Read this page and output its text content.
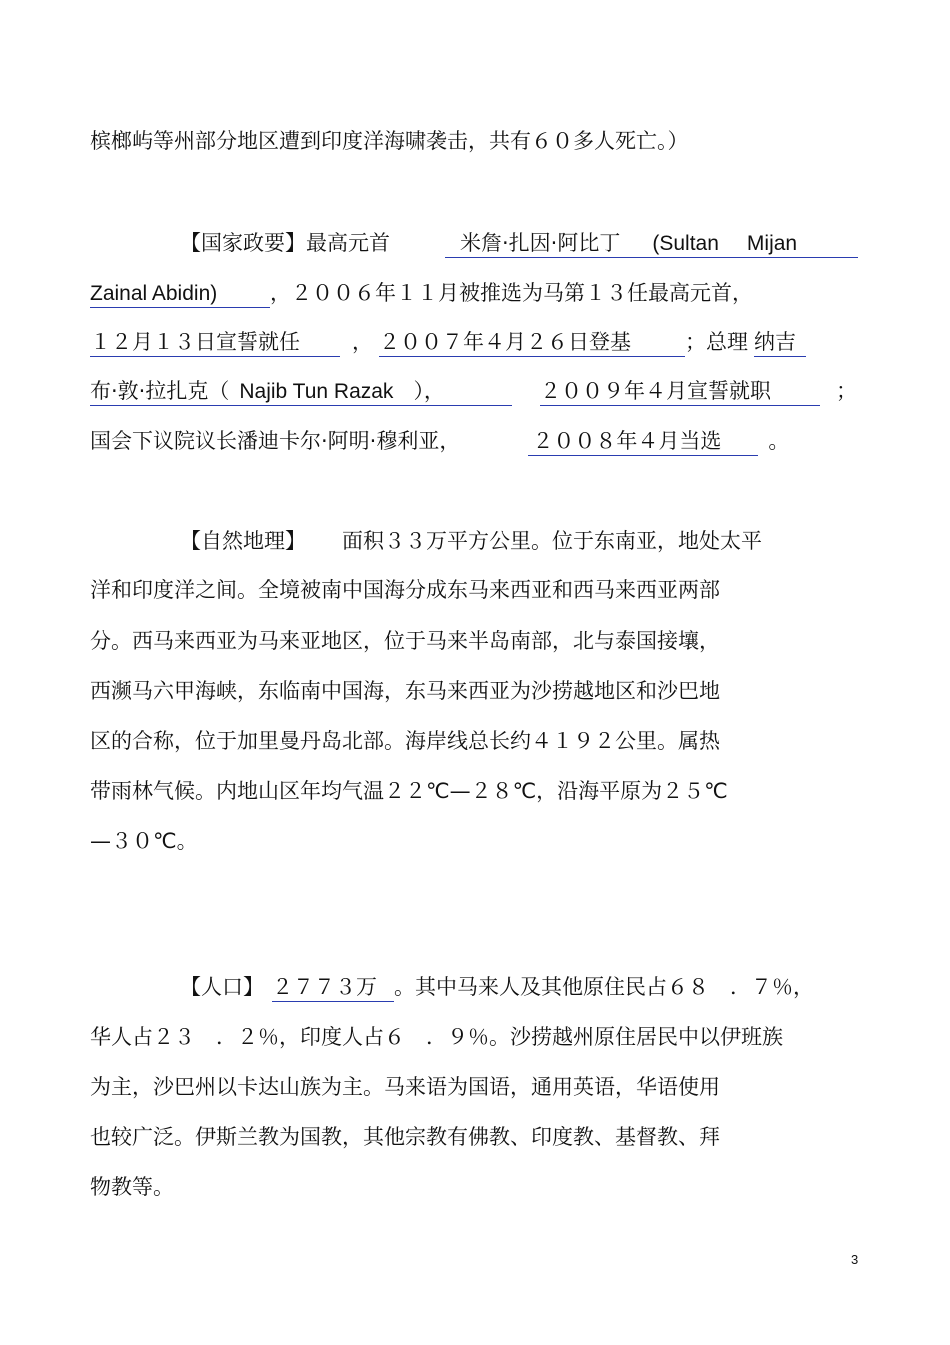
槟榔屿等州部分地区遭到印度洋海啸袭击，共有６０多人死亡。）
【国家政要】最高元首	米詹·扎因·阿比丁 (Sultan Mijan
Zainal Abidin)	，２００６年１１月被推选为马第１３任最高元首，
１２月１３日宣誓就任 ， ２００７年４月２６日登基	；总理 纳吉
布·敦·拉扎克（ Najib Tun Razak ），	２００９年４月宣誓就职	；
国会下议院议长潘迪卡尔·阿明·穆利亚，	２００８年４月当选 。
【自然地理】 面积３３万平方公里。位于东南亚，地处太平
洋和印度洋之间。全境被南中国海分成东马来西亚和西马来西亚两部
分。西马来西亚为马来亚地区，位于马来半岛南部，北与泰国接壤，
西濒马六甲海峡，东临南中国海，东马来西亚为沙捞越地区和沙巴地
区的合称，位于加里曼丹岛北部。海岸线总长约４１９２公里。属热
带雨林气候。内地山区年均气温２２℃—２８℃，沿海平原为２５℃
—３０℃。
【人口】 ２７７３万 。其中马来人及其他原住民占６８　．７％，
华人占２３　．２％，印度人占６　．９％。沙捞越州原住居民中以伊班族
为主，沙巴州以卡达山族为主。马来语为国语，通用英语，华语使用
也较广泛。伊斯兰教为国教，其他宗教有佛教、印度教、基督教、拜
物教等。
3
